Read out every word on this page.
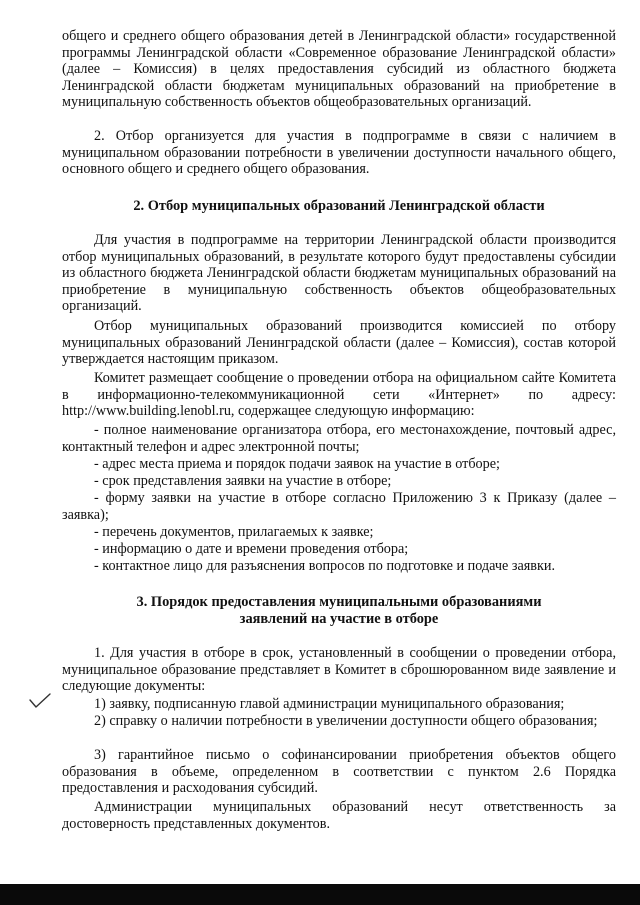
общего и среднего общего образования детей в Ленинградской области» государственной программы Ленинградской области «Современное образование Ленинградской области» (далее – Комиссия) в целях предоставления субсидий из областного бюджета Ленинградской области бюджетам муниципальных образований на приобретение в муниципальную собственность объектов общеобразовательных организаций.
2. Отбор организуется для участия в подпрограмме в связи с наличием в муниципальном образовании потребности в увеличении доступности начального общего, основного общего и среднего общего образования.
2. Отбор муниципальных образований Ленинградской области
Для участия в подпрограмме на территории Ленинградской области производится отбор муниципальных образований, в результате которого будут предоставлены субсидии из областного бюджета Ленинградской области бюджетам муниципальных образований на приобретение в муниципальную собственность объектов общеобразовательных организаций.
Отбор муниципальных образований производится комиссией по отбору муниципальных образований Ленинградской области (далее – Комиссия), состав которой утверждается настоящим приказом.
Комитет размещает сообщение о проведении отбора на официальном сайте Комитета в информационно-телекоммуникационной сети «Интернет» по адресу: http://www.building.lenobl.ru, содержащее следующую информацию:
- полное наименование организатора отбора, его местонахождение, почтовый адрес, контактный телефон и адрес электронной почты;
- адрес места приема и порядок подачи заявок на участие в отборе;
- срок представления заявки на участие в отборе;
- форму заявки на участие в отборе согласно Приложению 3 к Приказу (далее – заявка);
- перечень документов, прилагаемых к заявке;
- информацию о дате и времени проведения отбора;
- контактное лицо для разъяснения вопросов по подготовке и подаче заявки.
3. Порядок предоставления муниципальными образованиями
заявлений на участие в отборе
1. Для участия в отборе в срок, установленный в сообщении о проведении отбора, муниципальное образование представляет в Комитет в сброшюрованном виде заявление и следующие документы:
1) заявку, подписанную главой администрации муниципального образования;
2) справку о наличии потребности в увеличении доступности общего образования;
3) гарантийное письмо о софинансировании приобретения объектов общего образования в объеме, определенном в соответствии с пунктом 2.6 Порядка предоставления и расходования субсидий.
Администрации муниципальных образований несут ответственность за достоверность представленных документов.
